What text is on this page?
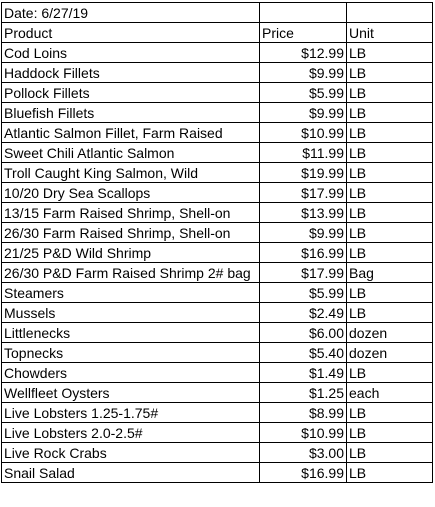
Date: 6/27/19		
Product	Price	Unit
Cod Loins	$12.99	LB
Haddock Fillets	$9.99	LB
Pollock Fillets	$5.99	LB
Bluefish Fillets	$9.99	LB
Atlantic Salmon Fillet, Farm Raised	$10.99	LB
Sweet Chili Atlantic Salmon	$11.99	LB
Troll Caught King Salmon, Wild	$19.99	LB
10/20 Dry Sea Scallops	$17.99	LB
13/15 Farm Raised Shrimp, Shell-on	$13.99	LB
26/30 Farm Raised Shrimp, Shell-on	$9.99	LB
21/25 P&D Wild Shrimp	$16.99	LB
26/30 P&D Farm Raised Shrimp 2# bag	$17.99	Bag
Steamers	$5.99	LB
Mussels	$2.49	LB
Littlenecks	$6.00	dozen
Topnecks	$5.40	dozen
Chowders	$1.49	LB
Wellfleet Oysters	$1.25	each
Live Lobsters 1.25-1.75#	$8.99	LB
Live Lobsters 2.0-2.5#	$10.99	LB
Live Rock Crabs	$3.00	LB
Snail Salad	$16.99	LB
